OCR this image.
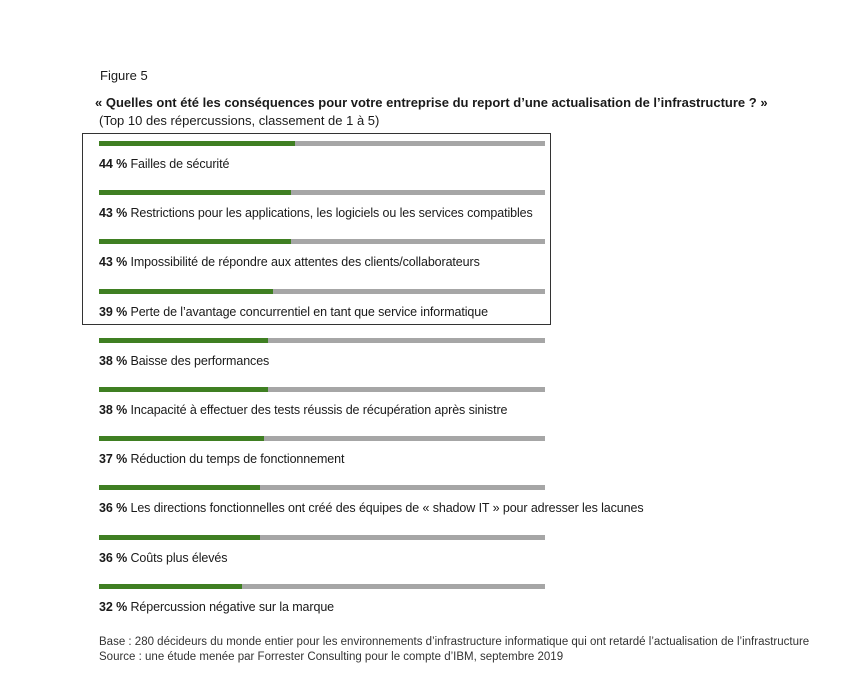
Figure 5
« Quelles ont été les conséquences pour votre entreprise du report d’une actualisation de l’infrastructure ? »
(Top 10 des répercussions, classement de 1 à 5)
44 % Failles de sécurité
43 % Restrictions pour les applications, les logiciels ou les services compatibles
43 % Impossibilité de répondre aux attentes des clients/collaborateurs
39 % Perte de l’avantage concurrentiel en tant que service informatique
38 % Baisse des performances
38 % Incapacité à effectuer des tests réussis de récupération après sinistre
37 % Réduction du temps de fonctionnement
36 % Les directions fonctionnelles ont créé des équipes de « shadow IT » pour adresser les lacunes
36 % Coûts plus élevés
32 % Répercussion négative sur la marque
Base : 280 décideurs du monde entier pour les environnements d’infrastructure informatique qui ont retardé l’actualisation de l’infrastructure
Source : une étude menée par Forrester Consulting pour le compte d’IBM, septembre 2019
